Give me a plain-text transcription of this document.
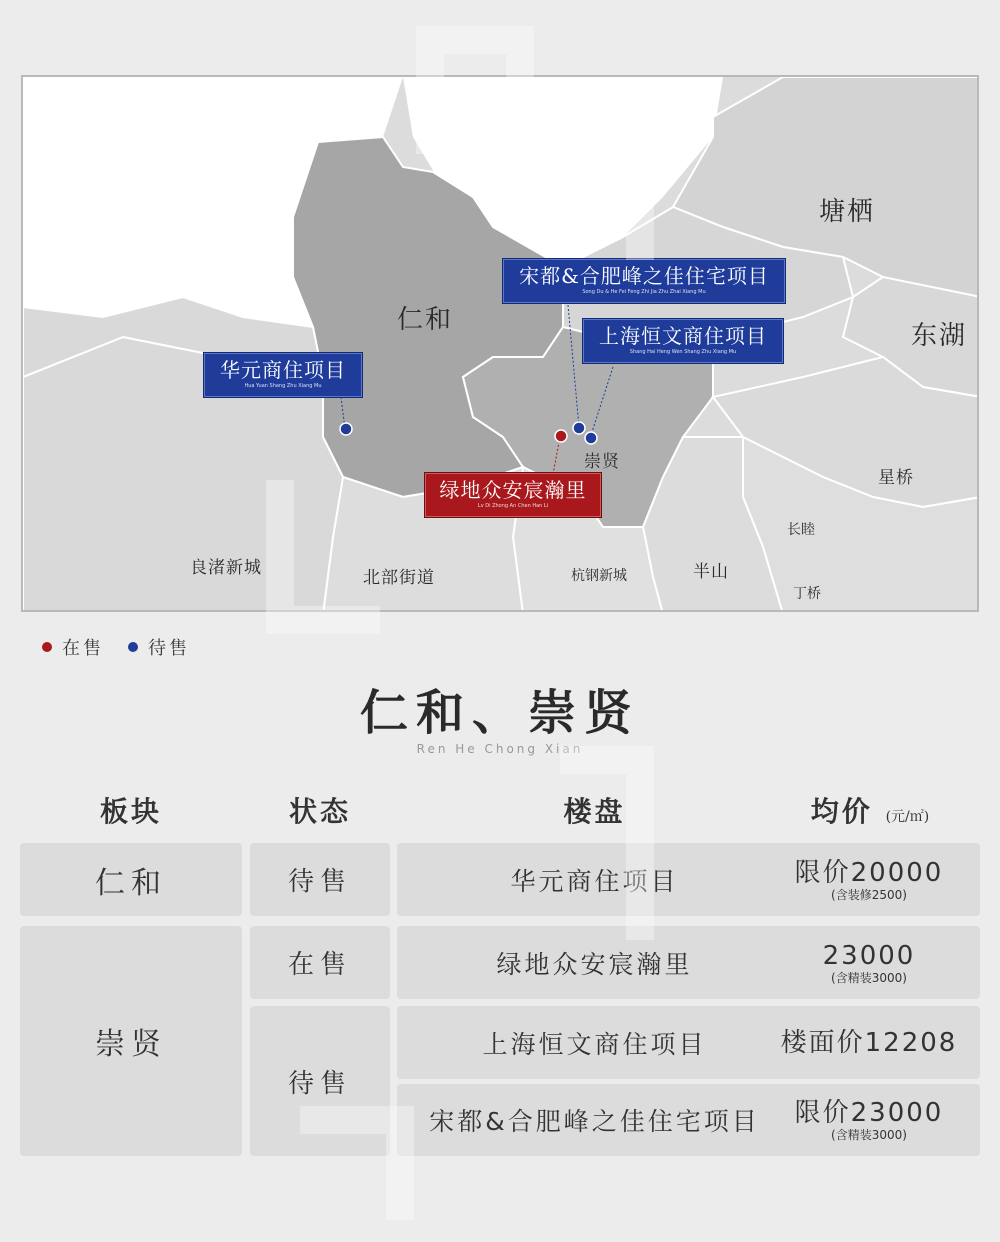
塘栖
东湖
仁和
崇贤
星桥
长睦
丁桥
半山
杭钢新城
北部街道
良渚新城
宋都&合肥峰之佳住宅项目
Song Du & He Fei Feng Zhi Jia Zhu Zhai Xiang Mu
上海恒文商住项目
Shang Hai Heng Wen Shang Zhu Xiang Mu
华元商住项目
Hua Yuan Shang Zhu Xiang Mu
绿地众安宸瀚里
Lv Di Zhong An Chen Han Li
在售 待售
仁和、崇贤
Ren He Chong Xian
板块	状态	楼盘	均价 (元/㎡)
仁和	待售	华元商住项目	限价20000
(含装修2500)
崇贤
在售	绿地众安宸瀚里	23000
(含精装3000)
待售
上海恒文商住项目	楼面价12208
宋都&合肥峰之佳住宅项目 限价23000
(含精装3000)
